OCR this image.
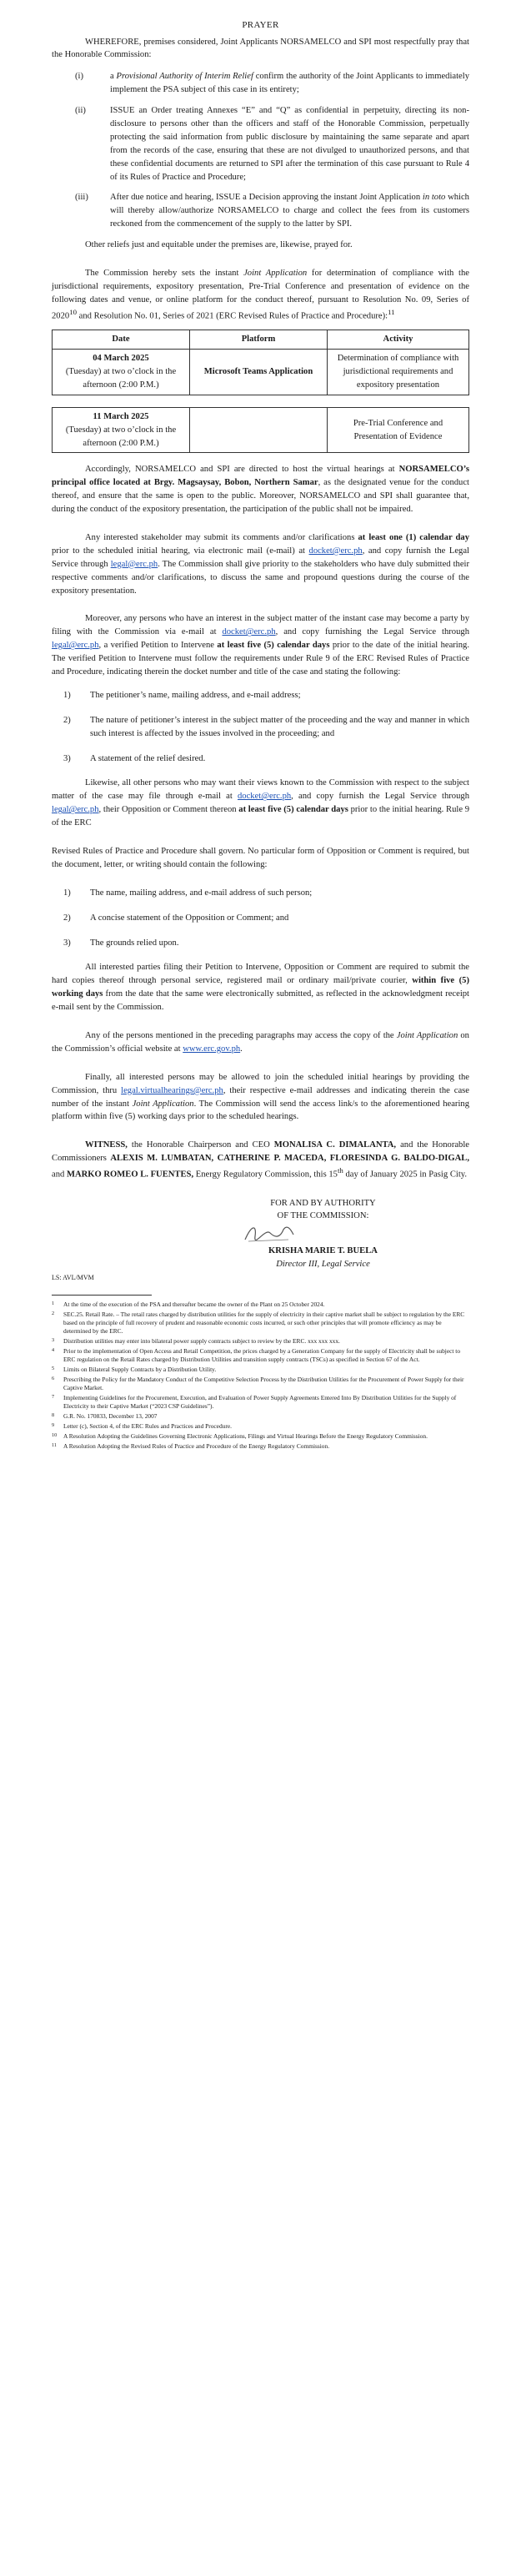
PRAYER

WHEREFORE, premises considered, Joint Applicants NORSAMELCO and SPI most respectfully pray that the Honorable Commission:

(i)	a Provisional Authority of Interim Relief confirm the authority of the Joint Applicants to immediately implement the PSA subject of this case in its entirety;
(ii)	ISSUE an Order treating Annexes “E” and “Q” as confidential in perpetuity, directing its non-disclosure to persons other than the officers and staff of the Honorable Commission, perpetually protecting the said information from public disclosure by maintaining the same separate and apart from the records of the case, ensuring that these are not divulged to unauthorized persons, and that these confidential documents are returned to SPI after the termination of this case pursuant to Rule 4 of its Rules of Practice and Procedure;
(iii)	After due notice and hearing, ISSUE a Decision approving the instant Joint Application in toto which will thereby allow/authorize NORSAMELCO to charge and collect the fees from its customers reckoned from the commencement of the supply to the latter by SPI.

Other reliefs just and equitable under the premises are, likewise, prayed for.

The Commission hereby sets the instant Joint Application for determination of compliance with the jurisdictional requirements, expository presentation, Pre-Trial Conference and presentation of evidence on the following dates and venue, or online platform for the conduct thereof, pursuant to Resolution No. 09, Series of 2020$^{10}$ and Resolution No. 01, Series of 2021 (ERC Revised Rules of Practice and Procedure):$^{11}$

Date	Platform	Activity
04 March 2025
(Tuesday) at two o’clock in the afternoon (2:00 P.M.)	Microsoft Teams Application	Determination of compliance with jurisdictional requirements and expository presentation

11 March 2025
(Tuesday) at two o’clock in the afternoon (2:00 P.M.)		Pre-Trial Conference and Presentation of Evidence

Accordingly, NORSAMELCO and SPI are directed to host the virtual hearings at NORSAMELCO’s principal office located at Brgy. Magsaysay, Bobon, Northern Samar, as the designated venue for the conduct thereof, and ensure that the same is open to the public. Moreover, NORSAMELCO and SPI shall guarantee that, during the conduct of the expository presentation, the participation of the public shall not be impaired.

Any interested stakeholder may submit its comments and/or clarifications at least one (1) calendar day prior to the scheduled initial hearing, via electronic mail (e-mail) at docket@erc.ph, and copy furnish the Legal Service through legal@erc.ph. The Commission shall give priority to the stakeholders who have duly submitted their respective comments and/or clarifications, to discuss the same and propound questions during the course of the expository presentation.

Moreover, any persons who have an interest in the subject matter of the instant case may become a party by filing with the Commission via e-mail at docket@erc.ph, and copy furnishing the Legal Service through legal@erc.ph, a verified Petition to Intervene at least five (5) calendar days prior to the date of the initial hearing. The verified Petition to Intervene must follow the requirements under Rule 9 of the ERC Revised Rules of Practice and Procedure, indicating therein the docket number and title of the case and stating the following:

1)	The petitioner’s name, mailing address, and e-mail address;
2)	The nature of petitioner’s interest in the subject matter of the proceeding and the way and manner in which such interest is affected by the issues involved in the proceeding; and
3)	A statement of the relief desired.

Likewise, all other persons who may want their views known to the Commission with respect to the subject matter of the case may file through e-mail at docket@erc.ph, and copy furnish the Legal Service through legal@erc.ph, their Opposition or Comment thereon at least five (5) calendar days prior to the initial hearing. Rule 9 of the ERC

Revised Rules of Practice and Procedure shall govern. No particular form of Opposition or Comment is required, but the document, letter, or writing should contain the following:

1)	The name, mailing address, and e-mail address of such person;
2)	A concise statement of the Opposition or Comment; and
3)	The grounds relied upon.

All interested parties filing their Petition to Intervene, Opposition or Comment are required to submit the hard copies thereof through personal service, registered mail or ordinary mail/private courier, within five (5) working days from the date that the same were electronically submitted, as reflected in the acknowledgment receipt e-mail sent by the Commission.

Any of the persons mentioned in the preceding paragraphs may access the copy of the Joint Application on the Commission’s official website at www.erc.gov.ph.

Finally, all interested persons may be allowed to join the scheduled initial hearings by providing the Commission, thru legal.virtualhearings@erc.ph, their respective e-mail addresses and indicating therein the case number of the instant Joint Application. The Commission will send the access link/s to the aforementioned hearing platform within five (5) working days prior to the scheduled hearings.

WITNESS, the Honorable Chairperson and CEO MONALISA C. DIMALANTA, and the Honorable Commissioners ALEXIS M. LUMBATAN, CATHERINE P. MACEDA, FLORESINDA G. BALDO-DIGAL, and MARKO ROMEO L. FUENTES, Energy Regulatory Commission, this 15th day of January 2025 in Pasig City.

FOR AND BY AUTHORITY
OF THE COMMISSION:
KRISHA MARIE T. BUELA
Director III, Legal Service
LS: AVL/MVM
1	At the time of the execution of the PSA and thereafter became the owner of the Plant on 25 October 2024.
2	SEC.25. Retail Rate. – The retail rates charged by distribution utilities for the supply of electricity in their captive market shall be subject to regulation by the ERC based on the principle of full recovery of prudent and reasonable economic costs incurred, or such other principles that will promote efficiency as may be determined by the ERC.
3	Distribution utilities may enter into bilateral power supply contracts subject to review by the ERC. xxx xxx xxx.
4	Prior to the implementation of Open Access and Retail Competition, the prices charged by a Generation Company for the supply of Electricity shall be subject to ERC regulation on the Retail Rates charged by Distribution Utilities and transition supply contracts (TSCs) as specified in Section 67 of the Act.
5	Limits on Bilateral Supply Contracts by a Distribution Utility.
6	Prescribing the Policy for the Mandatory Conduct of the Competitive Selection Process by the Distribution Utilities for the Procurement of Power Supply for their Captive Market.
7	Implementing Guidelines for the Procurement, Execution, and Evaluation of Power Supply Agreements Entered Into By Distribution Utilities for the Supply of Electricity to their Captive Market (“2023 CSP Guidelines”).
8	G.R. No. 170833, December 13, 2007
9	Letter (c), Section 4, of the ERC Rules and Practices and Procedure.
10	A Resolution Adopting the Guidelines Governing Electronic Applications, Filings and Virtual Hearings Before the Energy Regulatory Commission.
11	A Resolution Adopting the Revised Rules of Practice and Procedure of the Energy Regulatory Commission.
